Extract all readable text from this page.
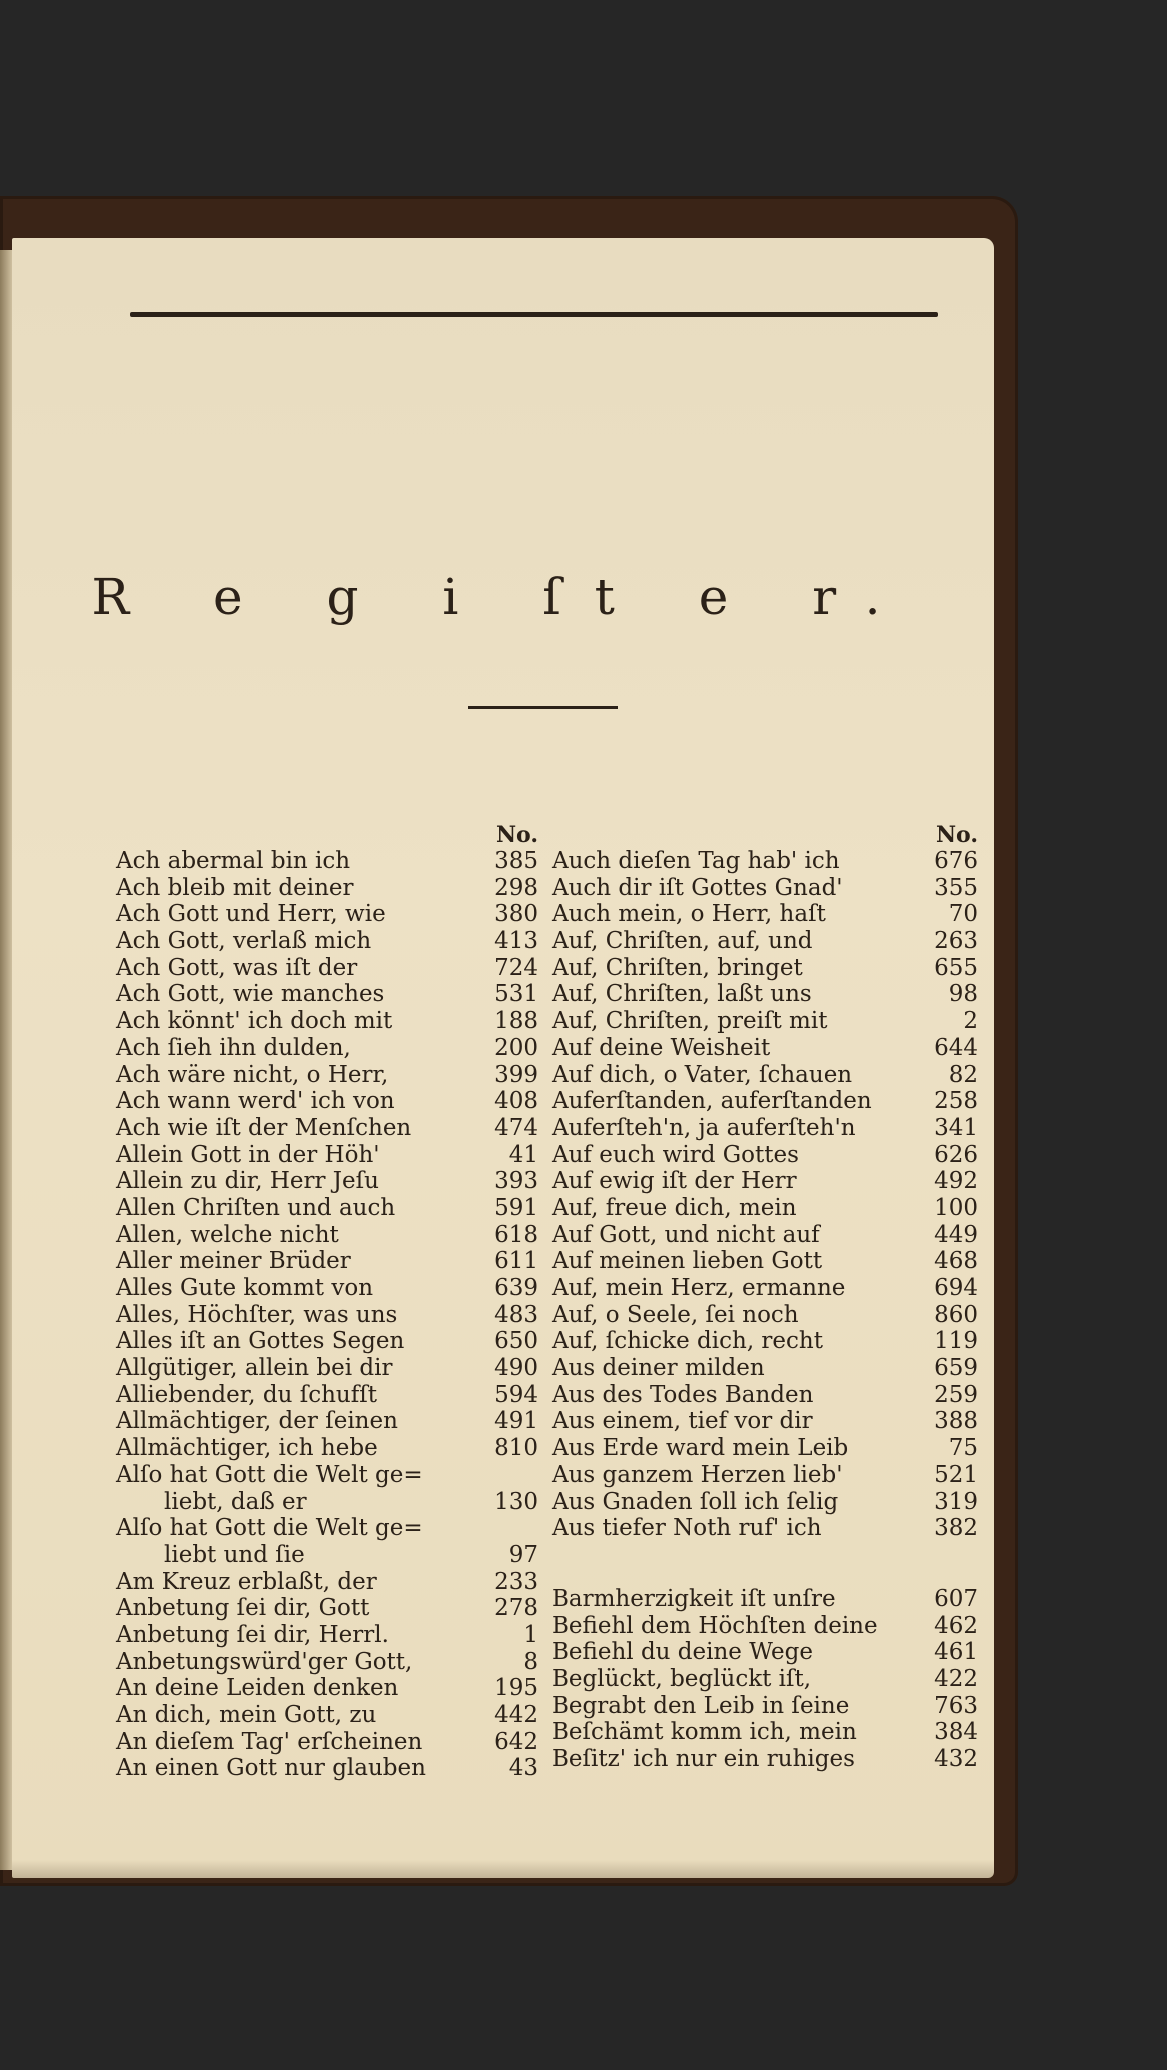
R e g i ſt e r.
No.
Ach abermal bin ich	385
Ach bleib mit deiner	298
Ach Gott und Herr, wie	380
Ach Gott, verlaß mich	413
Ach Gott, was iſt der	724
Ach Gott, wie manches	531
Ach könnt' ich doch mit	188
Ach ſieh ihn dulden,	200
Ach wäre nicht, o Herr,	399
Ach wann werd' ich von	408
Ach wie iſt der Menſchen	474
Allein Gott in der Höh'	41
Allein zu dir, Herr Jeſu	393
Allen Chriſten und auch	591
Allen, welche nicht	618
Aller meiner Brüder	611
Alles Gute kommt von	639
Alles, Höchſter, was uns	483
Alles iſt an Gottes Segen	650
Allgütiger, allein bei dir	490
Alliebender, du ſchufſt	594
Allmächtiger, der ſeinen	491
Allmächtiger, ich hebe	810
Alſo hat Gott die Welt ge=
liebt, daß er	130
Alſo hat Gott die Welt ge=
liebt und ſie	97
Am Kreuz erblaßt, der	233
Anbetung ſei dir, Gott	278
Anbetung ſei dir, Herrl.	1
Anbetungswürd'ger Gott,	8
An deine Leiden denken	195
An dich, mein Gott, zu	442
An dieſem Tag' erſcheinen	642
An einen Gott nur glauben	43
No.
Auch dieſen Tag hab' ich	676
Auch dir iſt Gottes Gnad'	355
Auch mein, o Herr, haſt	70
Auf, Chriſten, auf, und	263
Auf, Chriſten, bringet	655
Auf, Chriſten, laßt uns	98
Auf, Chriſten, preiſt mit	2
Auf deine Weisheit	644
Auf dich, o Vater, ſchauen	82
Auferſtanden, auferſtanden	258
Auferſteh'n, ja auferſteh'n	341
Auf euch wird Gottes	626
Auf ewig iſt der Herr	492
Auf, freue dich, mein	100
Auf Gott, und nicht auf	449
Auf meinen lieben Gott	468
Auf, mein Herz, ermanne	694
Auf, o Seele, ſei noch	860
Auf, ſchicke dich, recht	119
Aus deiner milden	659
Aus des Todes Banden	259
Aus einem, tief vor dir	388
Aus Erde ward mein Leib	75
Aus ganzem Herzen lieb'	521
Aus Gnaden ſoll ich ſelig	319
Aus tiefer Noth ruf' ich	382
Barmherzigkeit iſt unſre	607
Befiehl dem Höchſten deine 462
Befiehl du deine Wege	461
Beglückt, beglückt iſt,	422
Begrabt den Leib in ſeine	763
Beſchämt komm ich, mein	384
Beſitz' ich nur ein ruhiges	432
